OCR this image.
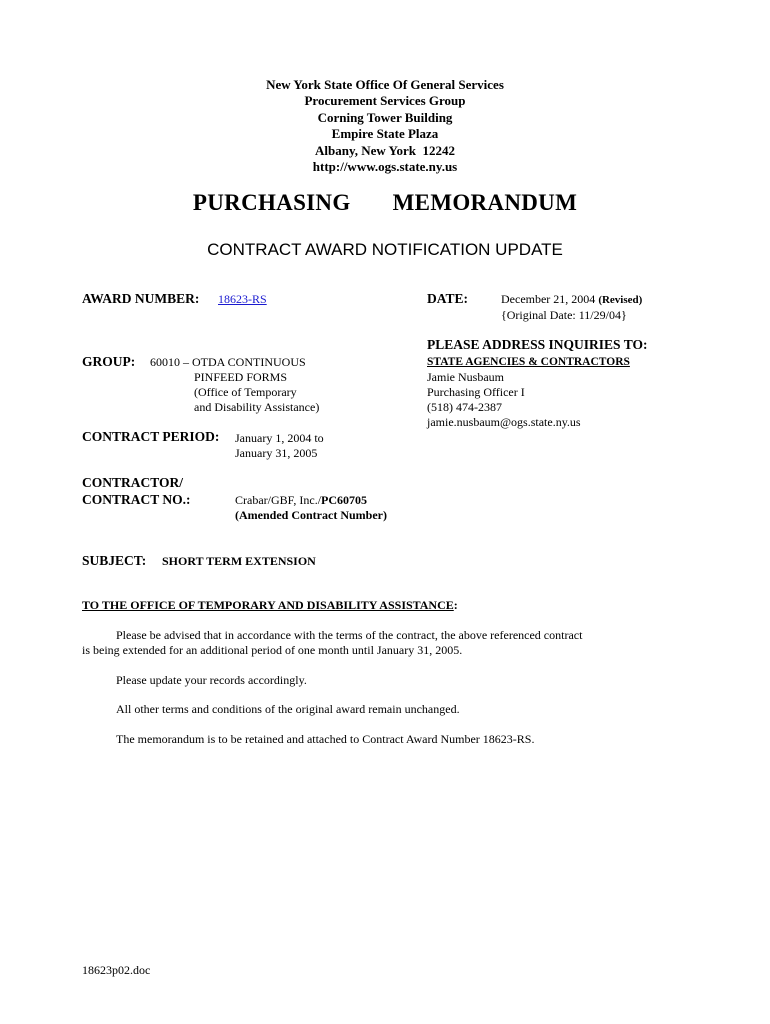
New York State Office Of General Services
Procurement Services Group
Corning Tower Building
Empire State Plaza
Albany, New York  12242
http://www.ogs.state.ny.us
PURCHASING   MEMORANDUM
CONTRACT AWARD NOTIFICATION UPDATE
AWARD NUMBER: 18623-RS	DATE:	December 21, 2004 (Revised)
{Original Date: 11/29/04}
PLEASE ADDRESS INQUIRIES TO:
STATE AGENCIES & CONTRACTORS
Jamie Nusbaum
Purchasing Officer I
(518) 474-2387
jamie.nusbaum@ogs.state.ny.us
GROUP: 60010 – OTDA CONTINUOUS
PINFEED FORMS
(Office of Temporary
and Disability Assistance)
CONTRACT PERIOD: January 1, 2004 to
January 31, 2005
CONTRACTOR/
CONTRACT NO.:	Crabar/GBF, Inc./PC60705
(Amended Contract Number)
SUBJECT: SHORT TERM EXTENSION
TO THE OFFICE OF TEMPORARY AND DISABILITY ASSISTANCE:
Please be advised that in accordance with the terms of the contract, the above referenced contract
is being extended for an additional period of one month until January 31, 2005.
Please update your records accordingly.
All other terms and conditions of the original award remain unchanged.
The memorandum is to be retained and attached to Contract Award Number 18623-RS.
18623p02.doc
